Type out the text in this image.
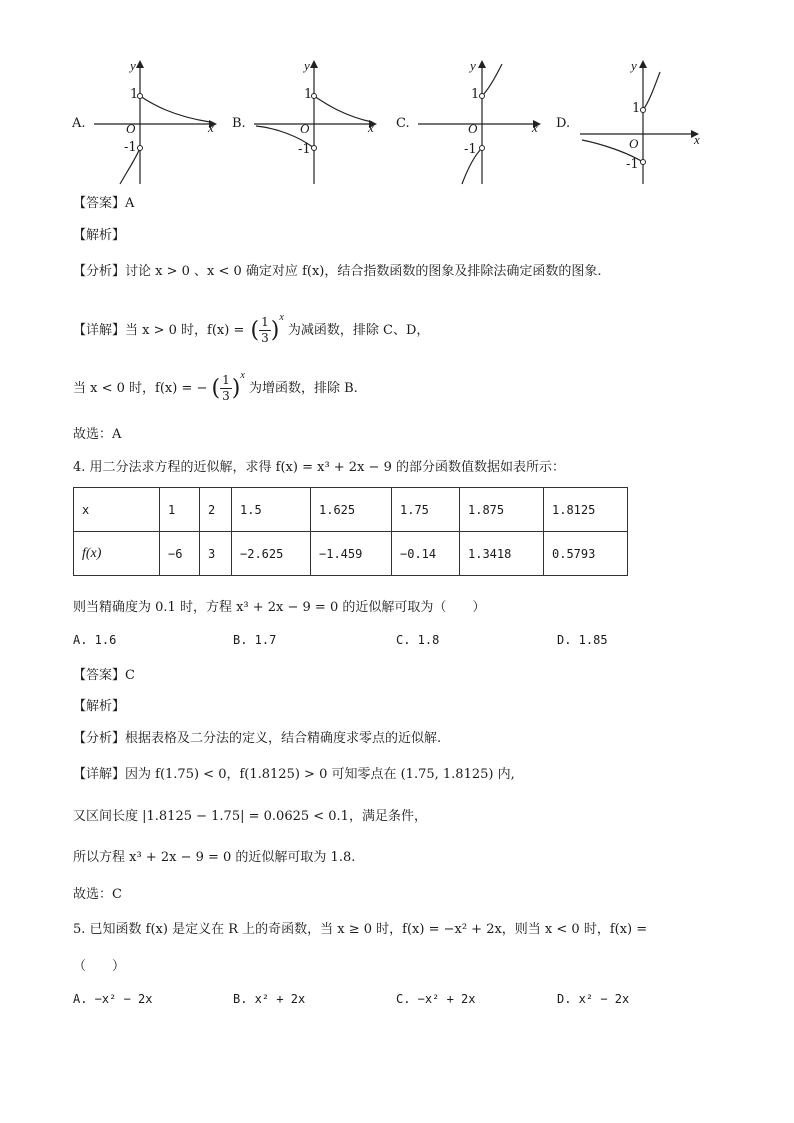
A.
y
x
O
1
-1
B.
y
x
O
1
-1
C.
y
x
O
1
-1
D.
y
x
O
1
-1
【答案】A
【解析】
【分析】讨论 x > 0 、x < 0 确定对应 f(x)，结合指数函数的图象及排除法确定函数的图象.
【详解】当 x > 0 时，f(x) = ( $\frac{1}{3} )^x$ 为减函数，排除 C、D，
当 x < 0 时，f(x) = − ( $\frac{1}{3} )^x$ 为增函数，排除 B.
故选：A
4. 用二分法求方程的近似解，求得 f(x) = x³ + 2x − 9 的部分函数值数据如表所示：
x	1	2	1.5	1.625	1.75	1.875	1.8125
f(x)	−6	3	−2.625	−1.459	−0.14	1.3418	0.5793
则当精确度为 0.1 时，方程 x³ + 2x − 9 = 0 的近似解可取为（　　）
A. 1.6	B. 1.7	C. 1.8	D. 1.85
【答案】C
【解析】
【分析】根据表格及二分法的定义，结合精确度求零点的近似解.
【详解】因为 f(1.75) < 0，f(1.8125) > 0 可知零点在 (1.75, 1.8125) 内,
又区间长度 |1.8125 − 1.75| = 0.0625 < 0.1，满足条件，
所以方程 x³ + 2x − 9 = 0 的近似解可取为 1.8.
故选：C
5. 已知函数 f(x) 是定义在 R 上的奇函数，当 x ≥ 0 时，f(x) = −x² + 2x，则当 x < 0 时，f(x) =
（　　）
A. −x² − 2x	B. x² + 2x	C. −x² + 2x	D. x² − 2x
